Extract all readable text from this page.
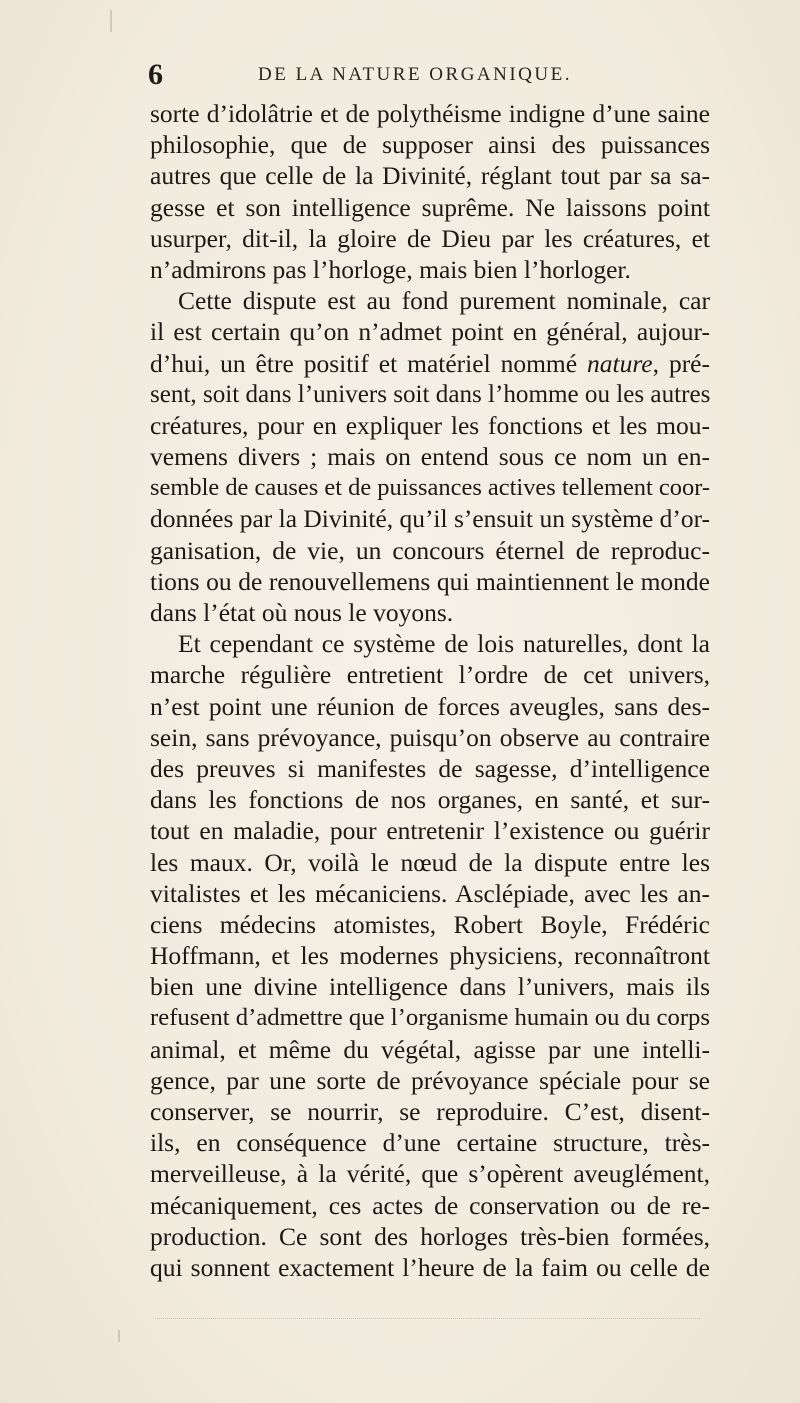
6	DE LA NATURE ORGANIQUE.
sorte d’idolâtrie et de polythéisme indigne d’une saine
philosophie, que de supposer ainsi des puissances
autres que celle de la Divinité, réglant tout par sa sa-
gesse et son intelligence suprême. Ne laissons point
usurper, dit-il, la gloire de Dieu par les créatures, et
n’admirons pas l’horloge, mais bien l’horloger.
Cette dispute est au fond purement nominale, car
il est certain qu’on n’admet point en général, aujour-
d’hui, un être positif et matériel nommé nature, pré-
sent, soit dans l’univers soit dans l’homme ou les autres
créatures, pour en expliquer les fonctions et les mou-
vemens divers ; mais on entend sous ce nom un en-
semble de causes et de puissances actives tellement coor-
données par la Divinité, qu’il s’ensuit un système d’or-
ganisation, de vie, un concours éternel de reproduc-
tions ou de renouvellemens qui maintiennent le monde
dans l’état où nous le voyons.
Et cependant ce système de lois naturelles, dont la
marche régulière entretient l’ordre de cet univers,
n’est point une réunion de forces aveugles, sans des-
sein, sans prévoyance, puisqu’on observe au contraire
des preuves si manifestes de sagesse, d’intelligence
dans les fonctions de nos organes, en santé, et sur-
tout en maladie, pour entretenir l’existence ou guérir
les maux. Or, voilà le nœud de la dispute entre les
vitalistes et les mécaniciens. Asclépiade, avec les an-
ciens médecins atomistes, Robert Boyle, Frédéric
Hoffmann, et les modernes physiciens, reconnaîtront
bien une divine intelligence dans l’univers, mais ils
refusent d’admettre que l’organisme humain ou du corps
animal, et même du végétal, agisse par une intelli-
gence, par une sorte de prévoyance spéciale pour se
conserver, se nourrir, se reproduire. C’est, disent-
ils, en conséquence d’une certaine structure, très-
merveilleuse, à la vérité, que s’opèrent aveuglément,
mécaniquement, ces actes de conservation ou de re-
production. Ce sont des horloges très-bien formées,
qui sonnent exactement l’heure de la faim ou celle de
